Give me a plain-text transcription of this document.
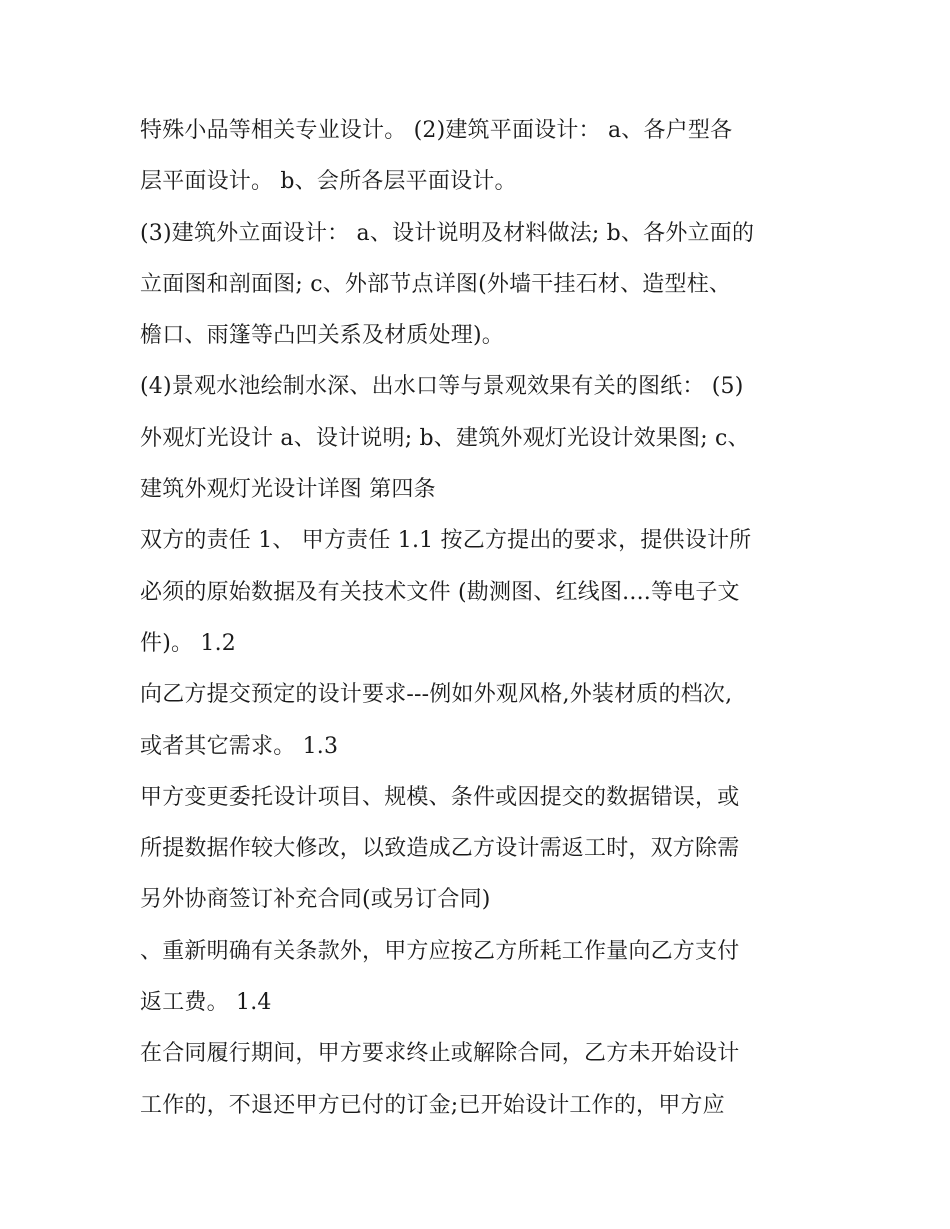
特殊小品等相关专业设计。 (2)建筑平面设计： a、各户型各
层平面设计。 b、会所各层平面设计。
(3)建筑外立面设计： a、设计说明及材料做法; b、各外立面的
立面图和剖面图; c、外部节点详图(外墙干挂石材、造型柱、
檐口、雨篷等凸凹关系及材质处理)。
(4)景观水池绘制水深、出水口等与景观效果有关的图纸： (5)
外观灯光设计 a、设计说明; b、建筑外观灯光设计效果图; c、
建筑外观灯光设计详图 第四条
双方的责任 1、 甲方责任 1.1 按乙方提出的要求，提供设计所
必须的原始数据及有关技术文件 (勘测图、红线图....等电子文
件)。 1.2
向乙方提交预定的设计要求---例如外观风格,外装材质的档次,
或者其它需求。 1.3
甲方变更委托设计项目、规模、条件或因提交的数据错误，或
所提数据作较大修改，以致造成乙方设计需返工时，双方除需
另外协商签订补充合同(或另订合同)
、重新明确有关条款外，甲方应按乙方所耗工作量向乙方支付
返工费。 1.4
在合同履行期间，甲方要求终止或解除合同，乙方未开始设计
工作的，不退还甲方已付的订金;已开始设计工作的，甲方应
